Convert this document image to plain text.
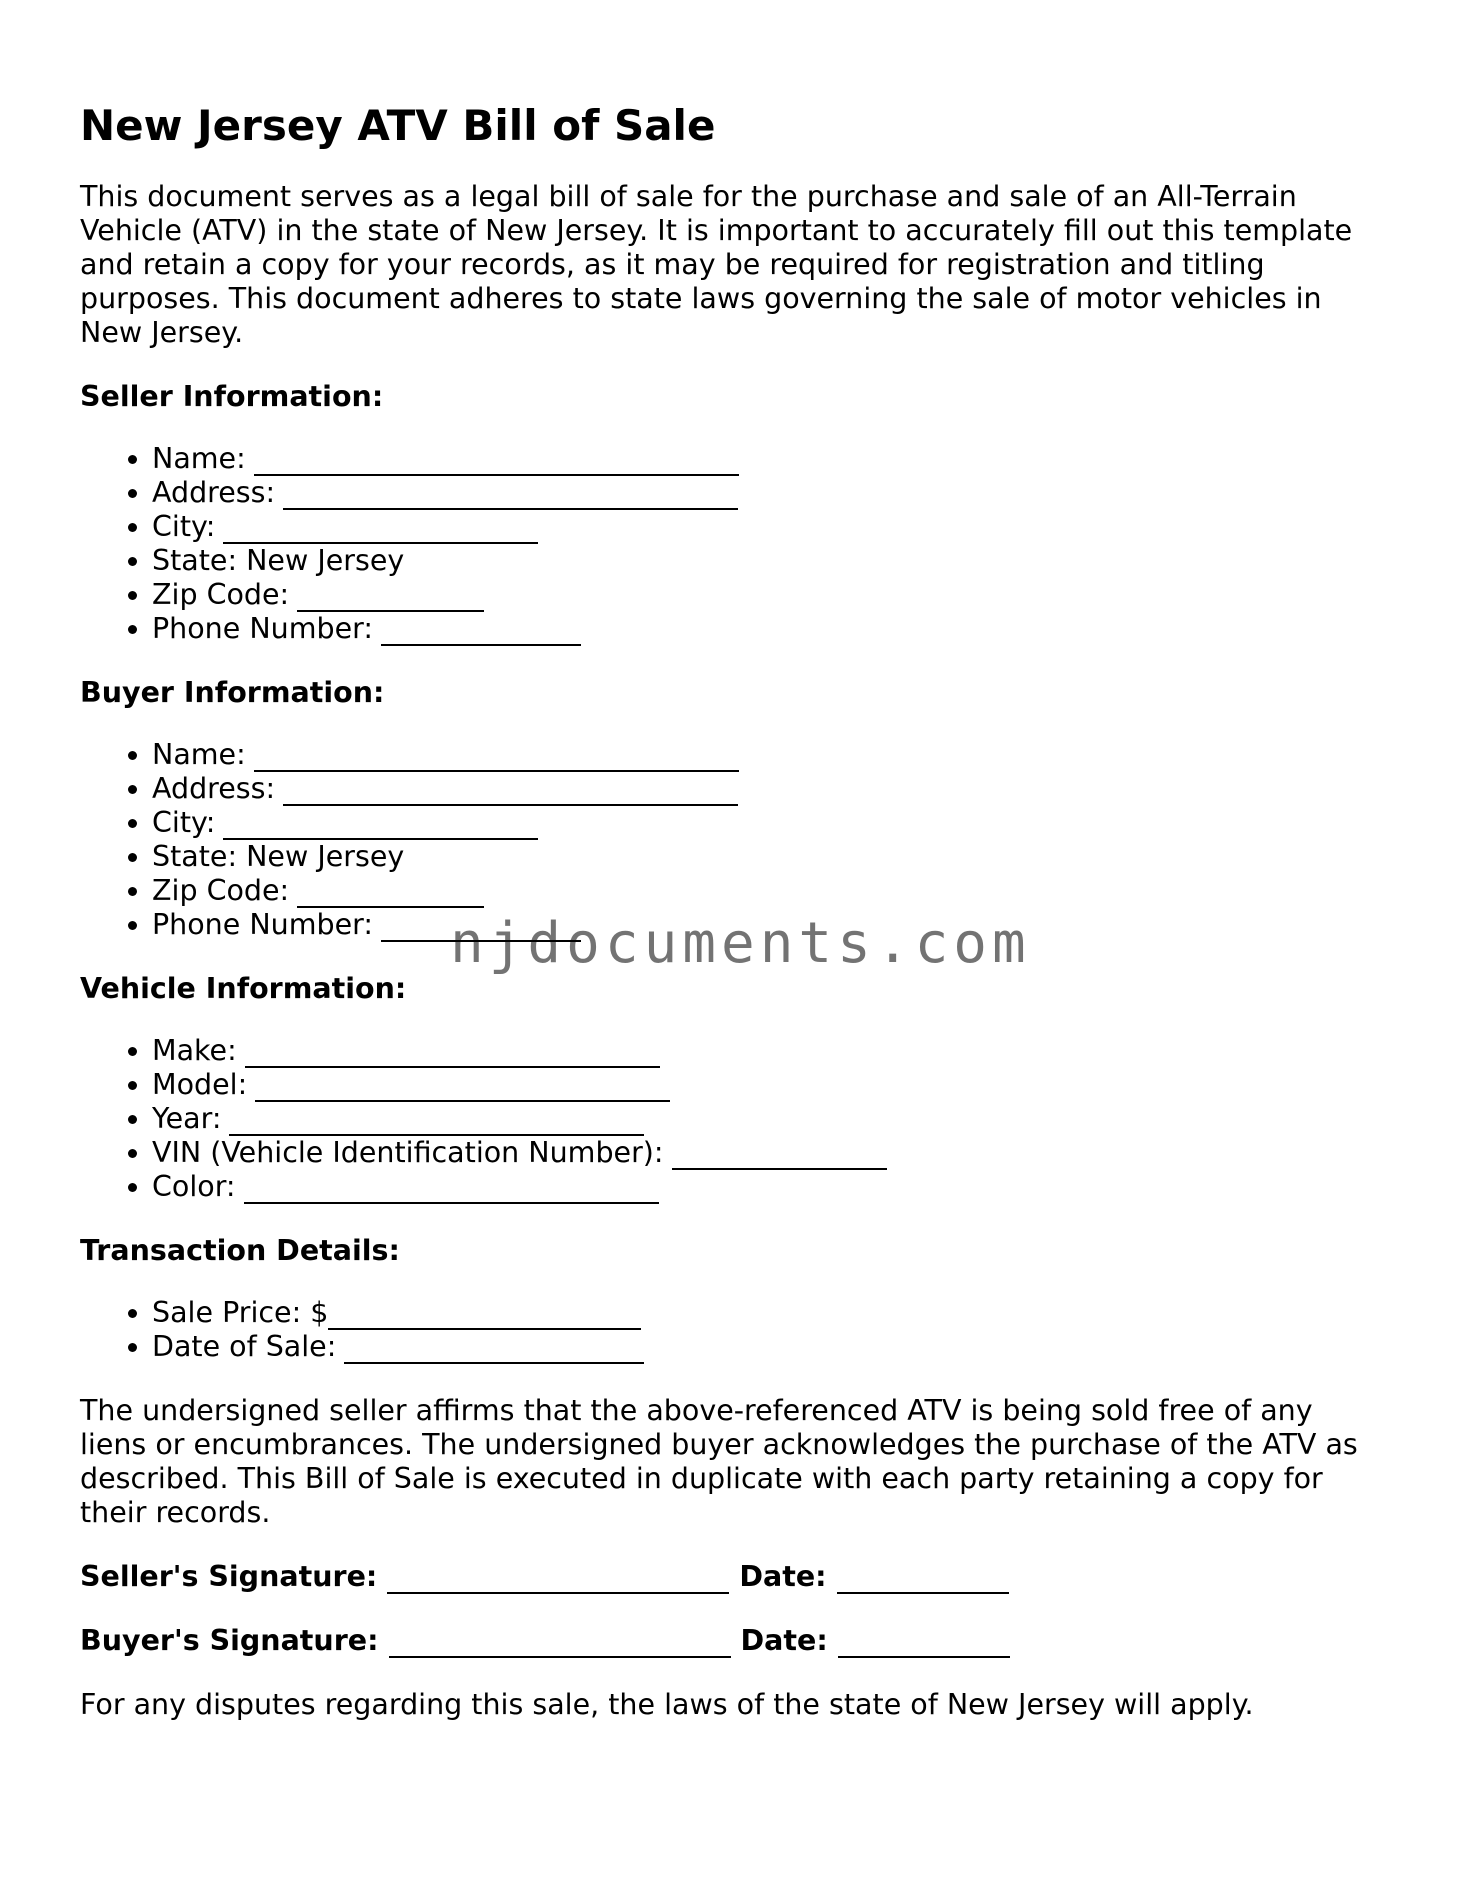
New Jersey ATV Bill of Sale

This document serves as a legal bill of sale for the purchase and sale of an All-Terrain Vehicle (ATV) in the state of New Jersey. It is important to accurately fill out this template and retain a copy for your records, as it may be required for registration and titling purposes. This document adheres to state laws governing the sale of motor vehicles in New Jersey.

Seller Information:
• Name:
• Address:
• City:
• State: New Jersey
• Zip Code:
• Phone Number:
Buyer Information:
• Name:
• Address:
• City:
• State: New Jersey
• Zip Code:
• Phone Number:
Vehicle Information:
• Make:
• Model:
• Year:
• VIN (Vehicle Identification Number):
• Color:
Transaction Details:
• Sale Price: $
• Date of Sale:

The undersigned seller affirms that the above-referenced ATV is being sold free of any liens or encumbrances. The undersigned buyer acknowledges the purchase of the ATV as described. This Bill of Sale is executed in duplicate with each party retaining a copy for their records.

Seller's Signature:	Date:
Buyer's Signature:	Date:

For any disputes regarding this sale, the laws of the state of New Jersey will apply.

njdocuments.com
